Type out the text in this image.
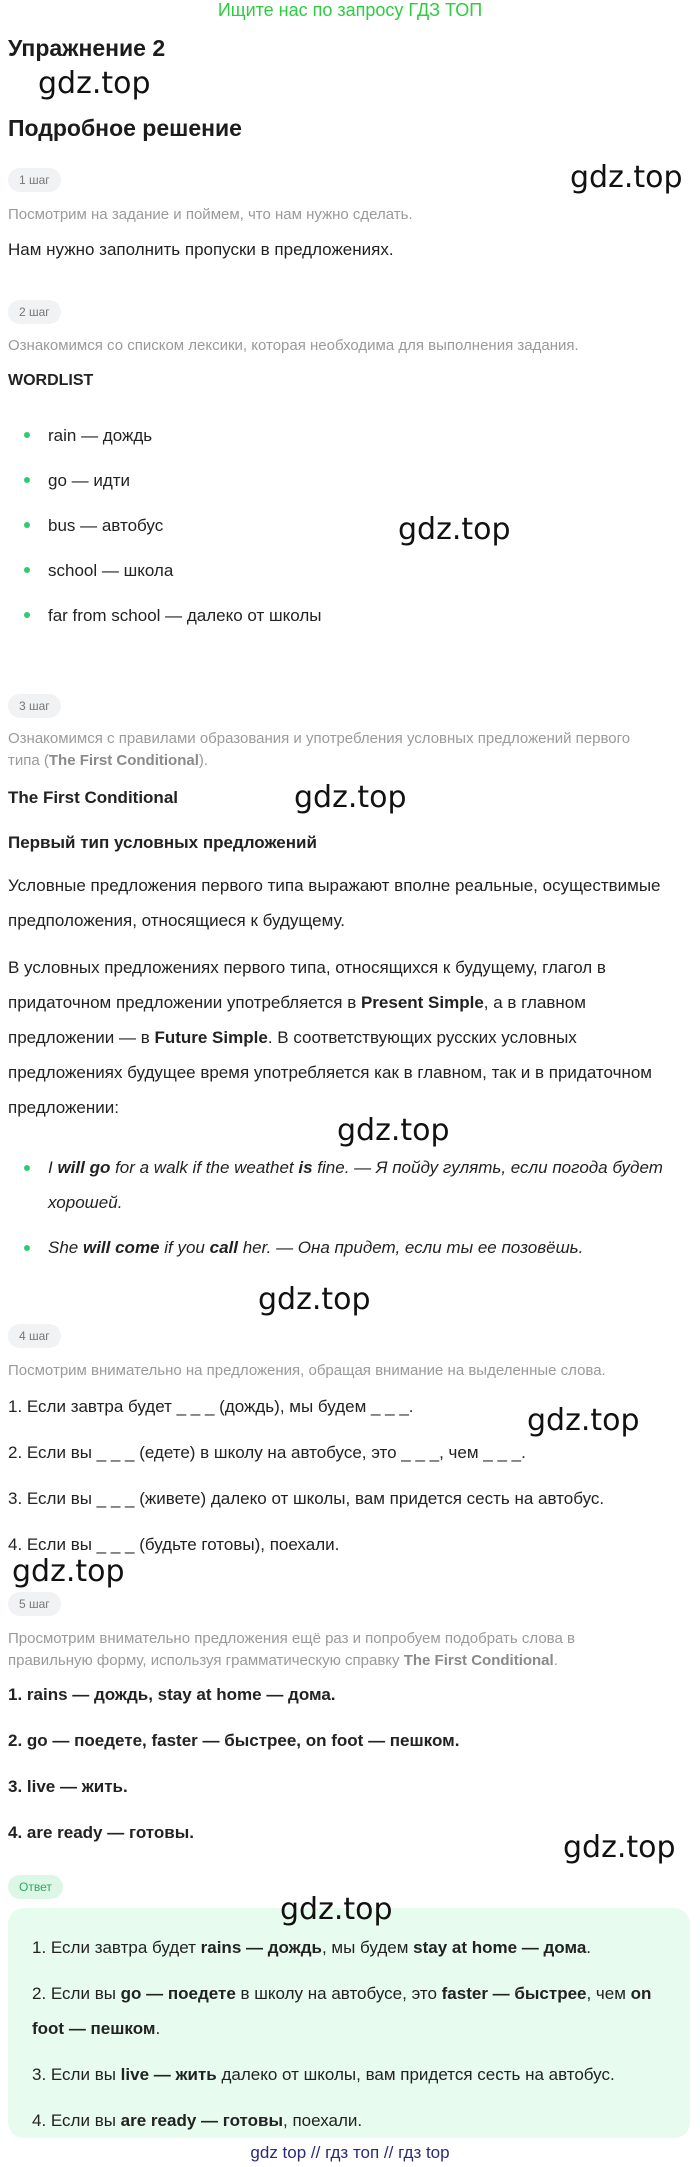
Ищите нас по запросу ГДЗ ТОП
Упражнение 2
gdz.top
Подробное решение
1 шаг	gdz.top
Посмотрим на задание и поймем, что нам нужно сделать.
Нам нужно заполнить пропуски в предложениях.
2 шаг
Ознакомимся со списком лексики, которая необходима для выполнения задания.
WORDLIST
rain — дождь
go — идти
bus — автобус	gdz.top
school — школа
far from school — далеко от школы
3 шаг
Ознакомимся с правилами образования и употребления условных предложений первого типа (The First Conditional).
The First Conditional	gdz.top
Первый тип условных предложений
Условные предложения первого типа выражают вполне реальные, осуществимые предположения, относящиеся к будущему.
В условных предложениях первого типа, относящихся к будущему, глагол в придаточном предложении употребляется в Present Simple, а в главном предложении — в Future Simple. В соответствующих русских условных предложениях будущее время употребляется как в главном, так и в придаточном предложении:
gdz.top
I will go for a walk if the weathet is fine. — Я пойду гулять, если погода будет хорошей.
She will come if you call her. — Она придет, если ты ее позовёшь.
gdz.top
4 шаг
Посмотрим внимательно на предложения, обращая внимание на выделенные слова.
1. Если завтра будет _ _ _ (дождь), мы будем _ _ _.	gdz.top
2. Если вы _ _ _ (едете) в школу на автобусе, это _ _ _, чем _ _ _.
3. Если вы _ _ _ (живете) далеко от школы, вам придется сесть на автобус.
4. Если вы _ _ _ (будьте готовы), поехали.
gdz.top
5 шаг
Просмотрим внимательно предложения ещё раз и попробуем подобрать слова в правильную форму, используя грамматическую справку The First Conditional.
1. rains — дождь, stay at home — дома.
2. go — поедете, faster — быстрее, on foot — пешком.
3. live — жить.
4. are ready — готовы.	gdz.top
Ответ
gdz.top
1. Если завтра будет rains — дождь, мы будем stay at home — дома.
2. Если вы go — поедете в школу на автобусе, это faster — быстрее, чем on foot — пешком.
3. Если вы live — жить далеко от школы, вам придется сесть на автобус.
4. Если вы are ready — готовы, поехали.
gdz top // гдз топ // гдз top
